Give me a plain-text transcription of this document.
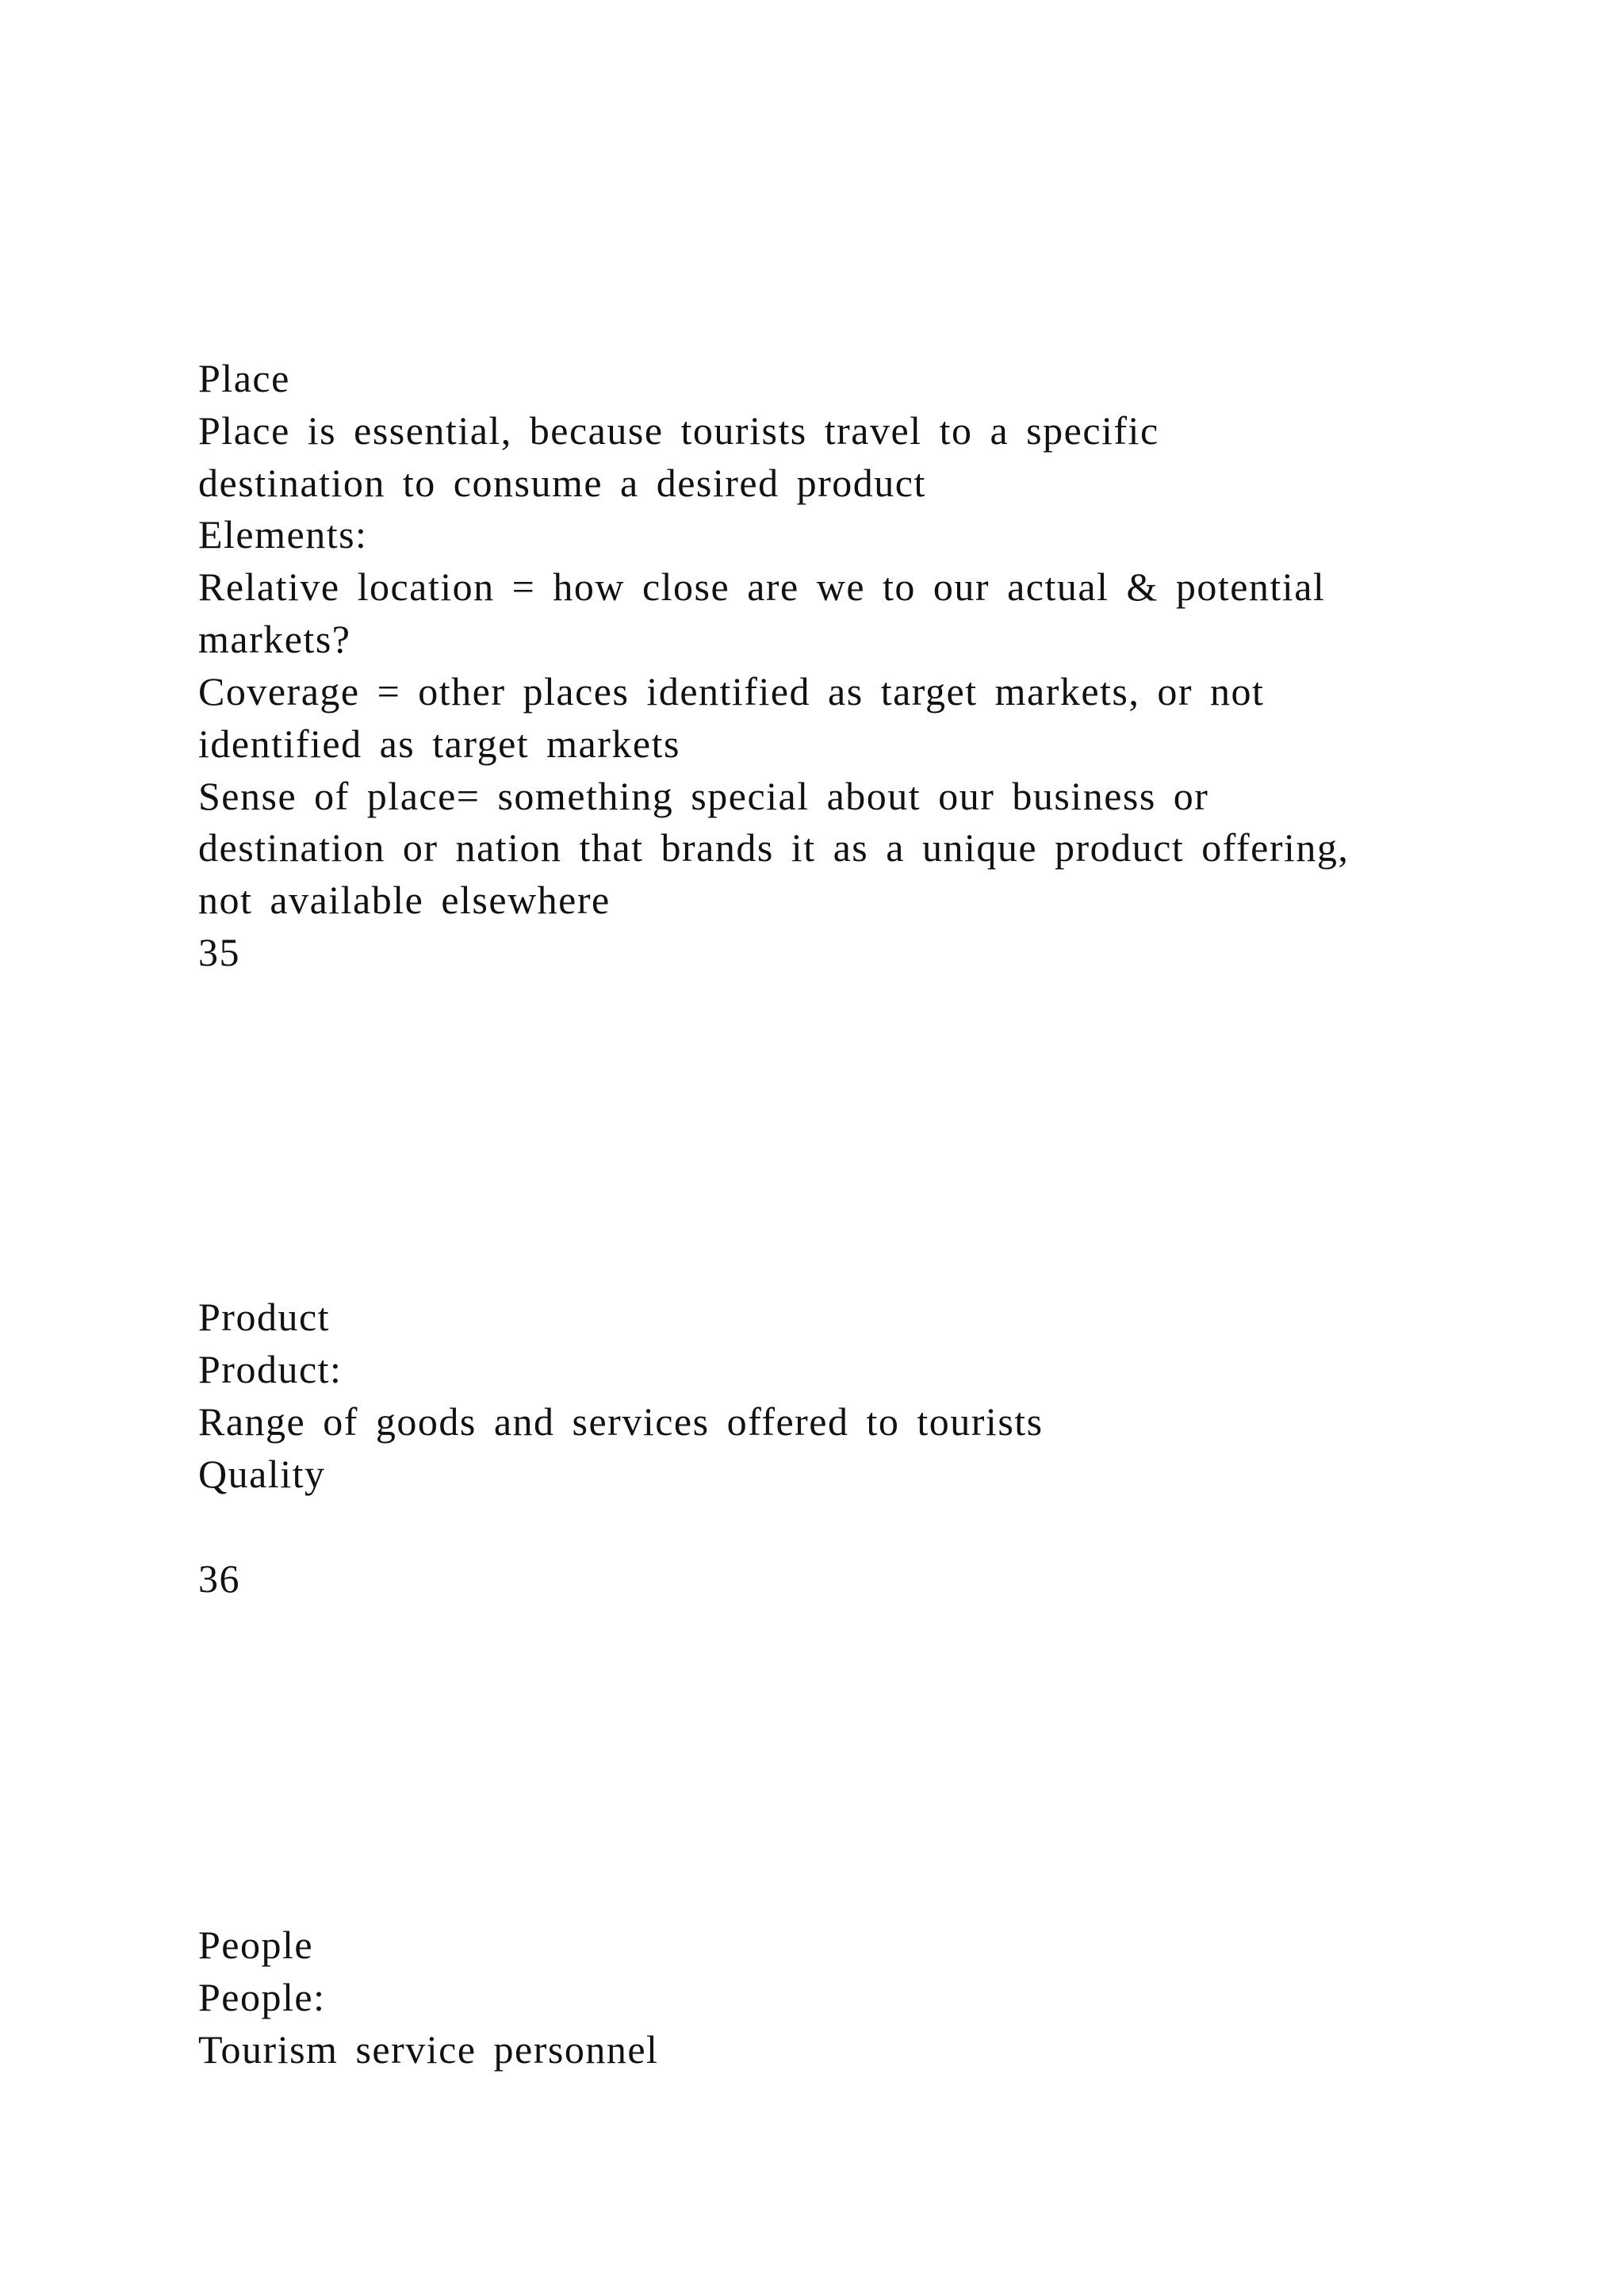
Place
Place is essential, because tourists travel to a specific
destination to consume a desired product
Elements:
Relative location = how close are we to our actual & potential
markets?
Coverage = other places identified as target markets, or not
identified as target markets
Sense of place= something special about our business or
destination or nation that brands it as a unique product offering,
not available elsewhere
35
Product
Product:
Range of goods and services offered to tourists
Quality
36
People
People:
Tourism service personnel
